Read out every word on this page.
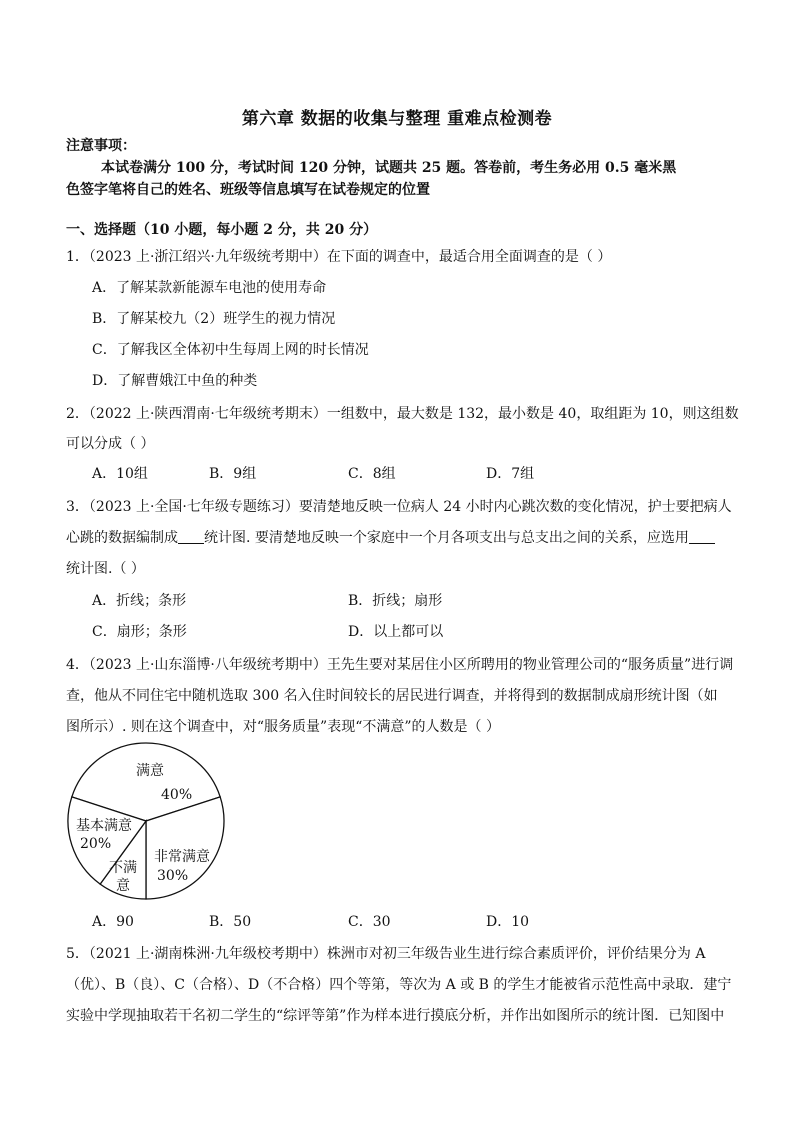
第六章 数据的收集与整理 重难点检测卷
注意事项：
本试卷满分 100 分，考试时间 120 分钟，试题共 25 题。答卷前，考生务必用 0.5 毫米黑
色签字笔将自己的姓名、班级等信息填写在试卷规定的位置
一、选择题（10 小题，每小题 2 分，共 20 分）
1．（2023 上·浙江绍兴·九年级统考期中）在下面的调查中，最适合用全面调查的是（ ）
A．了解某款新能源车电池的使用寿命
B．了解某校九（2）班学生的视力情况
C．了解我区全体初中生每周上网的时长情况
D．了解曹娥江中鱼的种类
2．（2022 上·陕西渭南·七年级统考期末）一组数中，最大数是 132，最小数是 40，取组距为 10，则这组数
可以分成（ ）
A．10组	B．9组	C．8组	D．7组
3．（2023 上·全国·七年级专题练习）要清楚地反映一位病人 24 小时内心跳次数的变化情况，护士要把病人
心跳的数据编制成 统计图. 要清楚地反映一个家庭中一个月各项支出与总支出之间的关系，应选用
统计图.（ ）
A．折线；条形	B．折线；扇形
C．扇形；条形	D．以上都可以
4．（2023 上·山东淄博·八年级统考期中）王先生要对某居住小区所聘用的物业管理公司的“服务质量”进行调
查，他从不同住宅中随机选取 300 名入住时间较长的居民进行调查，并将得到的数据制成扇形统计图（如
图所示）. 则在这个调查中，对“服务质量”表现“不满意”的人数是（ ）
满意
40%
基本满意
20%
非常满意
30%
不满
意
A．90	B．50	C．30	D．10
5．（2021 上·湖南株洲·九年级校考期中）株洲市对初三年级告业生进行综合素质评价，评价结果分为 A
（优）、B（良）、C（合格）、D（不合格）四个等第，等次为 A 或 B 的学生才能被省示范性高中录取．建宁
实验中学现抽取若干名初二学生的“综评等第”作为样本进行摸底分析，并作出如图所示的统计图．已知图中
